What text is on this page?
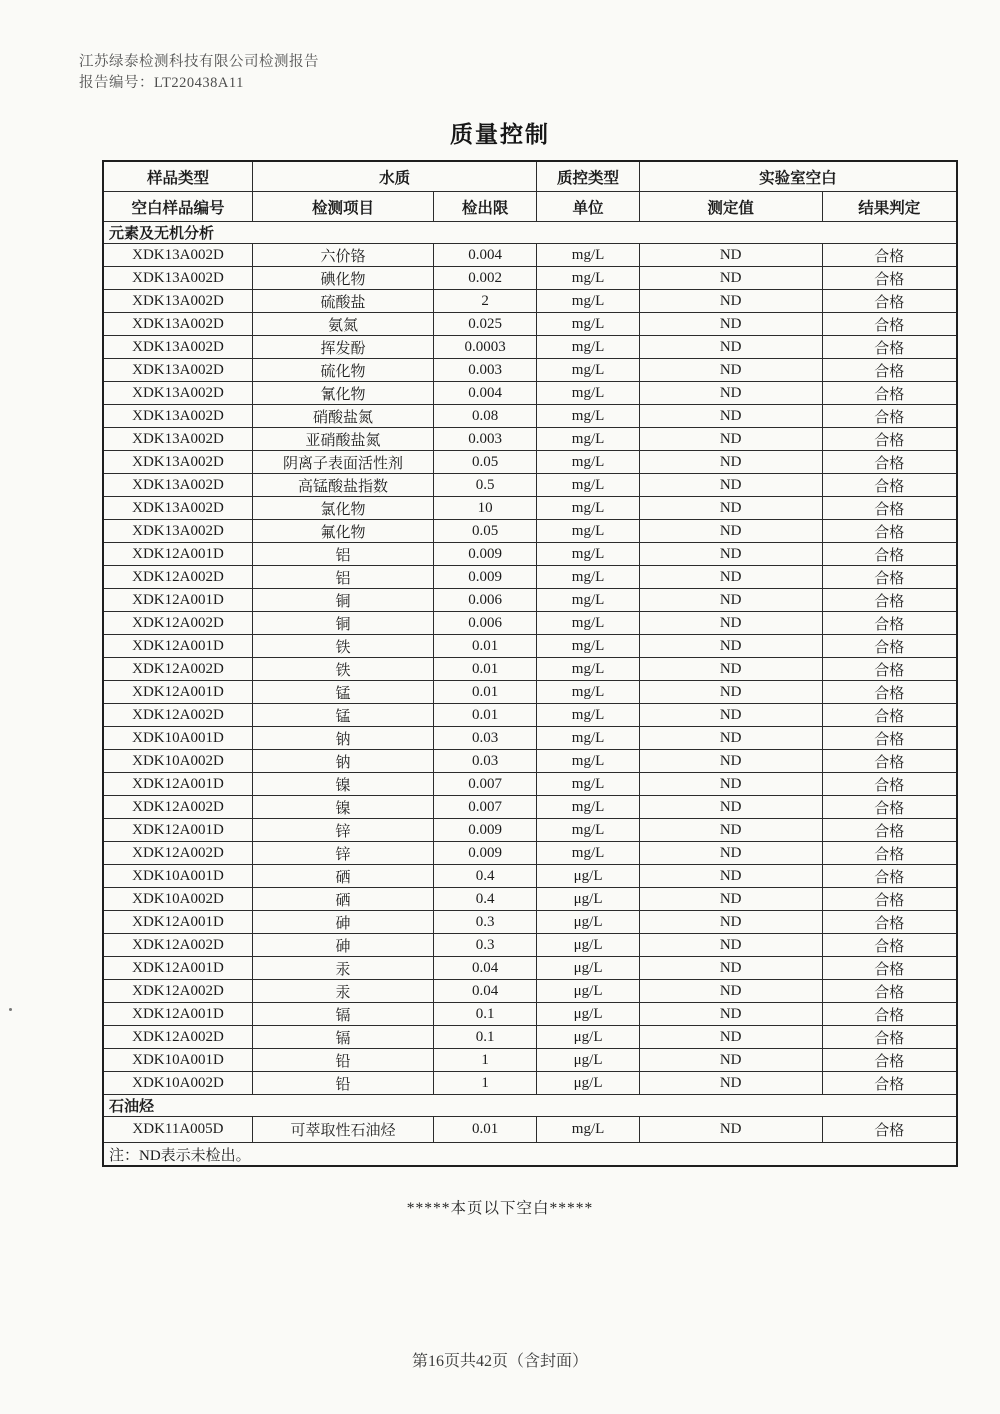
江苏绿泰检测科技有限公司检测报告
报告编号：LT220438A11
质量控制
样品类型	水质		质控类型	实验室空白	
空白样品编号	检测项目	检出限	单位	测定值	结果判定
元素及无机分析					
XDK13A002D	六价铬	0.004	mg/L	ND	合格
XDK13A002D	碘化物	0.002	mg/L	ND	合格
XDK13A002D	硫酸盐	2	mg/L	ND	合格
XDK13A002D	氨氮	0.025	mg/L	ND	合格
XDK13A002D	挥发酚	0.0003	mg/L	ND	合格
XDK13A002D	硫化物	0.003	mg/L	ND	合格
XDK13A002D	氰化物	0.004	mg/L	ND	合格
XDK13A002D	硝酸盐氮	0.08	mg/L	ND	合格
XDK13A002D	亚硝酸盐氮	0.003	mg/L	ND	合格
XDK13A002D	阴离子表面活性剂	0.05	mg/L	ND	合格
XDK13A002D	高锰酸盐指数	0.5	mg/L	ND	合格
XDK13A002D	氯化物	10	mg/L	ND	合格
XDK13A002D	氟化物	0.05	mg/L	ND	合格
XDK12A001D	铝	0.009	mg/L	ND	合格
XDK12A002D	铝	0.009	mg/L	ND	合格
XDK12A001D	铜	0.006	mg/L	ND	合格
XDK12A002D	铜	0.006	mg/L	ND	合格
XDK12A001D	铁	0.01	mg/L	ND	合格
XDK12A002D	铁	0.01	mg/L	ND	合格
XDK12A001D	锰	0.01	mg/L	ND	合格
XDK12A002D	锰	0.01	mg/L	ND	合格
XDK10A001D	钠	0.03	mg/L	ND	合格
XDK10A002D	钠	0.03	mg/L	ND	合格
XDK12A001D	镍	0.007	mg/L	ND	合格
XDK12A002D	镍	0.007	mg/L	ND	合格
XDK12A001D	锌	0.009	mg/L	ND	合格
XDK12A002D	锌	0.009	mg/L	ND	合格
XDK10A001D	硒	0.4	μg/L	ND	合格
XDK10A002D	硒	0.4	μg/L	ND	合格
XDK12A001D	砷	0.3	μg/L	ND	合格
XDK12A002D	砷	0.3	μg/L	ND	合格
XDK12A001D	汞	0.04	μg/L	ND	合格
XDK12A002D	汞	0.04	μg/L	ND	合格
XDK12A001D	镉	0.1	μg/L	ND	合格
XDK12A002D	镉	0.1	μg/L	ND	合格
XDK10A001D	铅	1	μg/L	ND	合格
XDK10A002D	铅	1	μg/L	ND	合格
石油烃					
XDK11A005D	可萃取性石油烃	0.01	mg/L	ND	合格
注：ND表示未检出。					
*****本页以下空白*****
第16页共42页（含封面）
